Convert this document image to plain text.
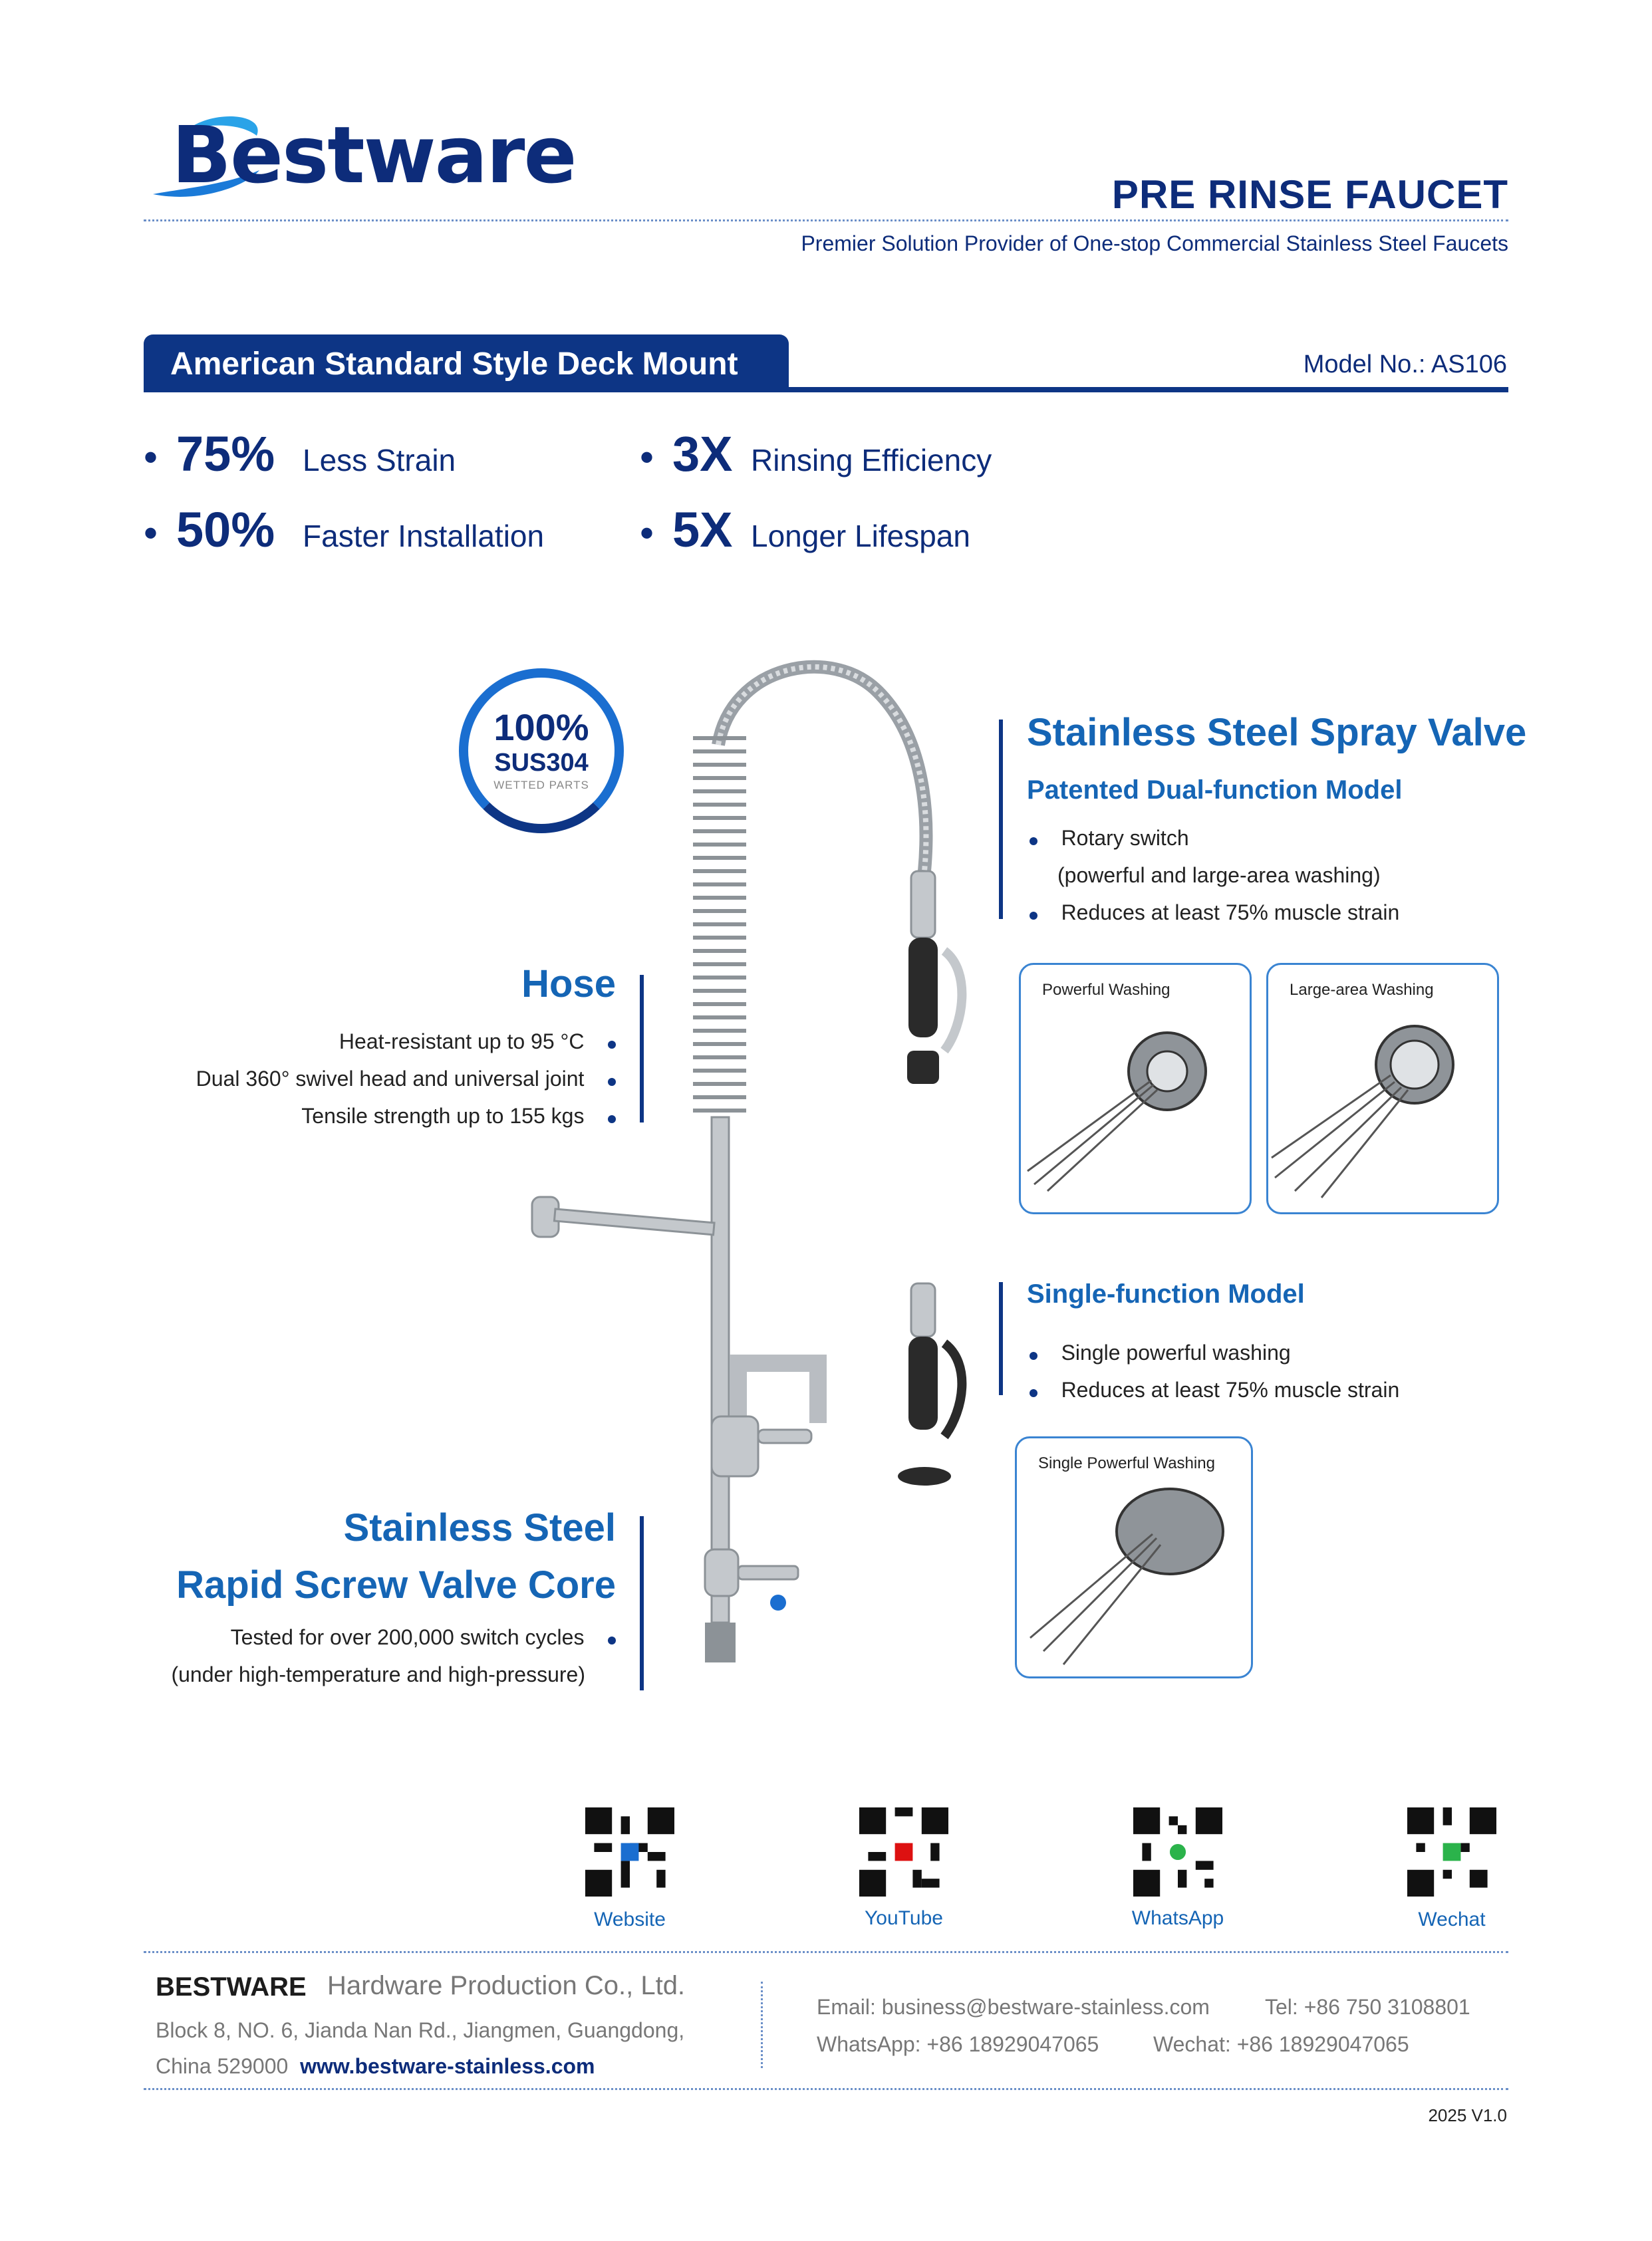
Bestware	PRE RINSE FAUCET
Premier Solution Provider of One-stop Commercial Stainless Steel Faucets
American Standard Style Deck Mount	Model No.: AS106
• 75% Less Strain
• 50% Faster Installation
• 3X Rinsing Efficiency
• 5X Longer Lifespan
100%
SUS304
WETTED PARTS
Stainless Steel Spray Valve
Patented Dual-function Model
Rotary switch
(powerful and large-area washing)
Reduces at least 75% muscle strain
Powerful Washing	Large-area Washing
Hose
Heat-resistant up to 95 °C
Dual 360° swivel head and universal joint
Tensile strength up to 155 kgs
Single-function Model
Single powerful washing
Reduces at least 75% muscle strain
Single Powerful Washing
Stainless Steel
Rapid Screw Valve Core
Tested for over 200,000 switch cycles
(under high-temperature and high-pressure)
Website	YouTube	WhatsApp	Wechat
BESTWARE Hardware Production Co., Ltd.
Block 8, NO. 6, Jianda Nan Rd., Jiangmen, Guangdong,
China 529000 www.bestware-stainless.com
Email: business@bestware-stainless.com	Tel: +86 750 3108801
WhatsApp: +86 18929047065	Wechat: +86 18929047065
2025 V1.0
